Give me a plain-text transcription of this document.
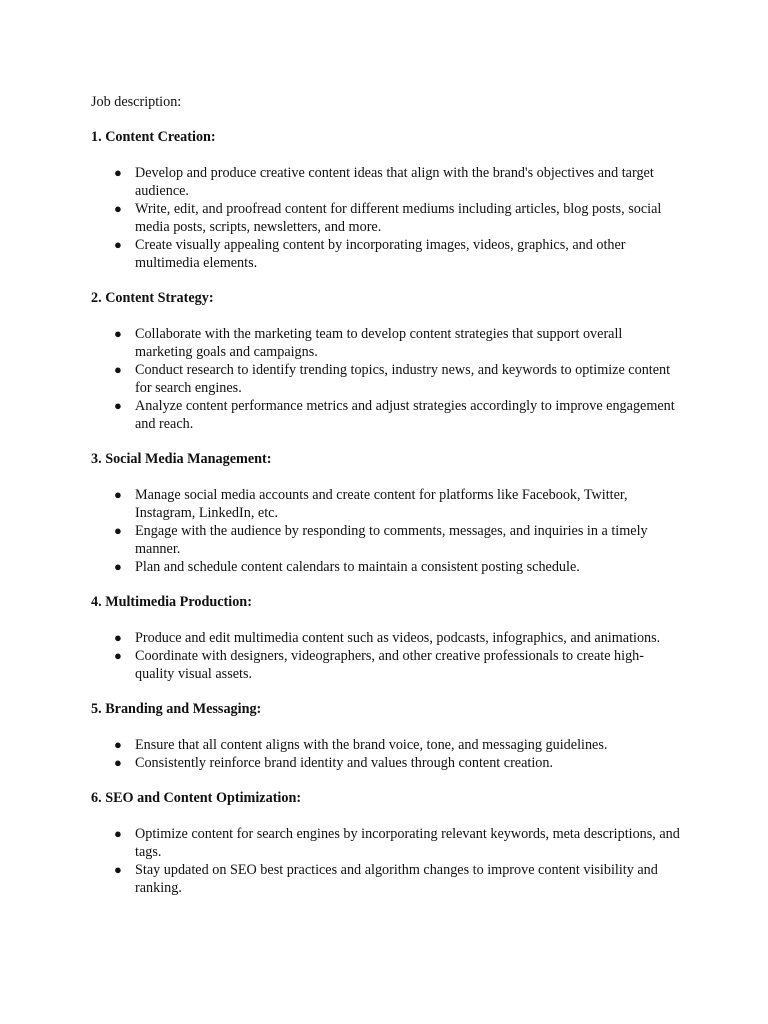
Job description:

1. Content Creation:

● Develop and produce creative content ideas that align with the brand's objectives and target audience.
● Write, edit, and proofread content for different mediums including articles, blog posts, social media posts, scripts, newsletters, and more.
● Create visually appealing content by incorporating images, videos, graphics, and other multimedia elements.

2. Content Strategy:

● Collaborate with the marketing team to develop content strategies that support overall marketing goals and campaigns.
● Conduct research to identify trending topics, industry news, and keywords to optimize content for search engines.
● Analyze content performance metrics and adjust strategies accordingly to improve engagement and reach.

3. Social Media Management:

● Manage social media accounts and create content for platforms like Facebook, Twitter, Instagram, LinkedIn, etc.
● Engage with the audience by responding to comments, messages, and inquiries in a timely manner.
● Plan and schedule content calendars to maintain a consistent posting schedule.

4. Multimedia Production:

● Produce and edit multimedia content such as videos, podcasts, infographics, and animations.
● Coordinate with designers, videographers, and other creative professionals to create high-quality visual assets.

5. Branding and Messaging:

● Ensure that all content aligns with the brand voice, tone, and messaging guidelines.
● Consistently reinforce brand identity and values through content creation.

6. SEO and Content Optimization:

● Optimize content for search engines by incorporating relevant keywords, meta descriptions, and tags.
● Stay updated on SEO best practices and algorithm changes to improve content visibility and ranking.
